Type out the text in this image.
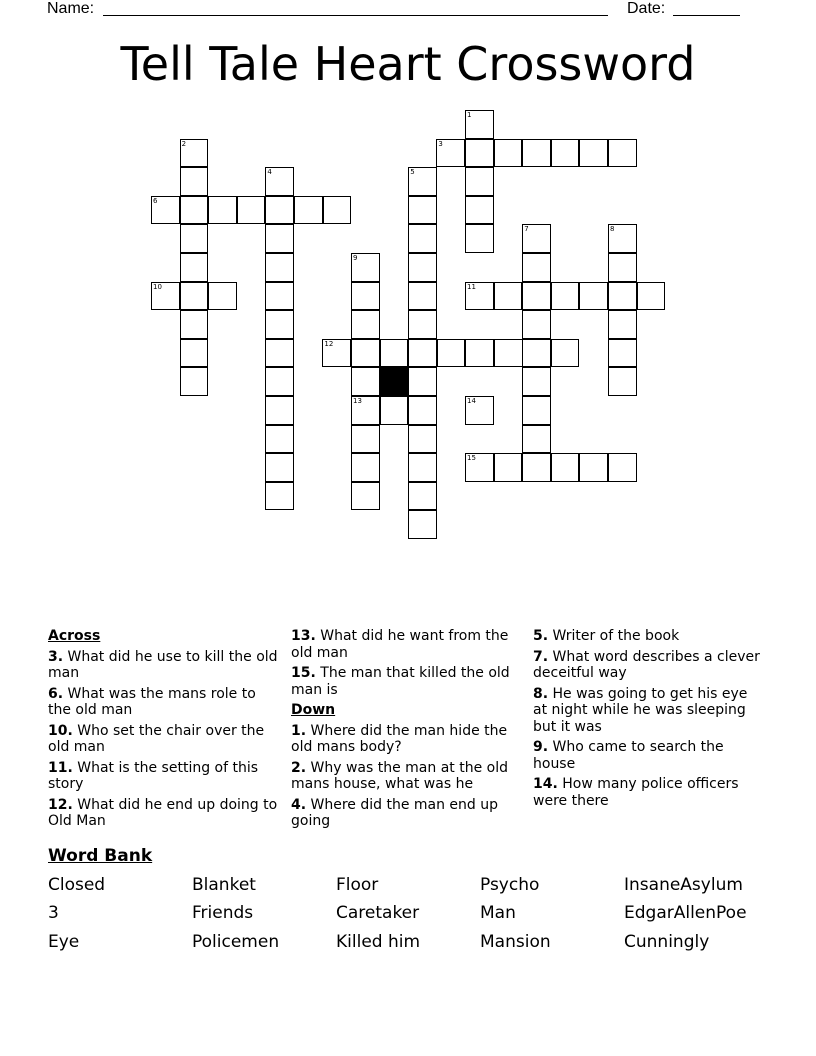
Name:	Date:
Tell Tale Heart Crossword
1
3
2
6
4	5
7	8
9
10	11
12
13	14
15
Across
3. What did he use to kill the old man
6. What was the mans role to the old man
10. Who set the chair over the old man
11. What is the setting of this story
12. What did he end up doing to Old Man
13. What did he want from the old man
15. The man that killed the old man is
Down
1. Where did the man hide the old mans body?
2. Why was the man at the old mans house, what was he
4. Where did the man end up going
5. Writer of the book
7. What word describes a clever deceitful way
8. He was going to get his eye at night while he was sleeping but it was
9. Who came to search the house
14. How many police officers were there
Word Bank
Closed	Blanket	Floor	Psycho	InsaneAsylum
3	Friends	Caretaker	Man	EdgarAllenPoe
Eye	Policemen	Killed him	Mansion	Cunningly
